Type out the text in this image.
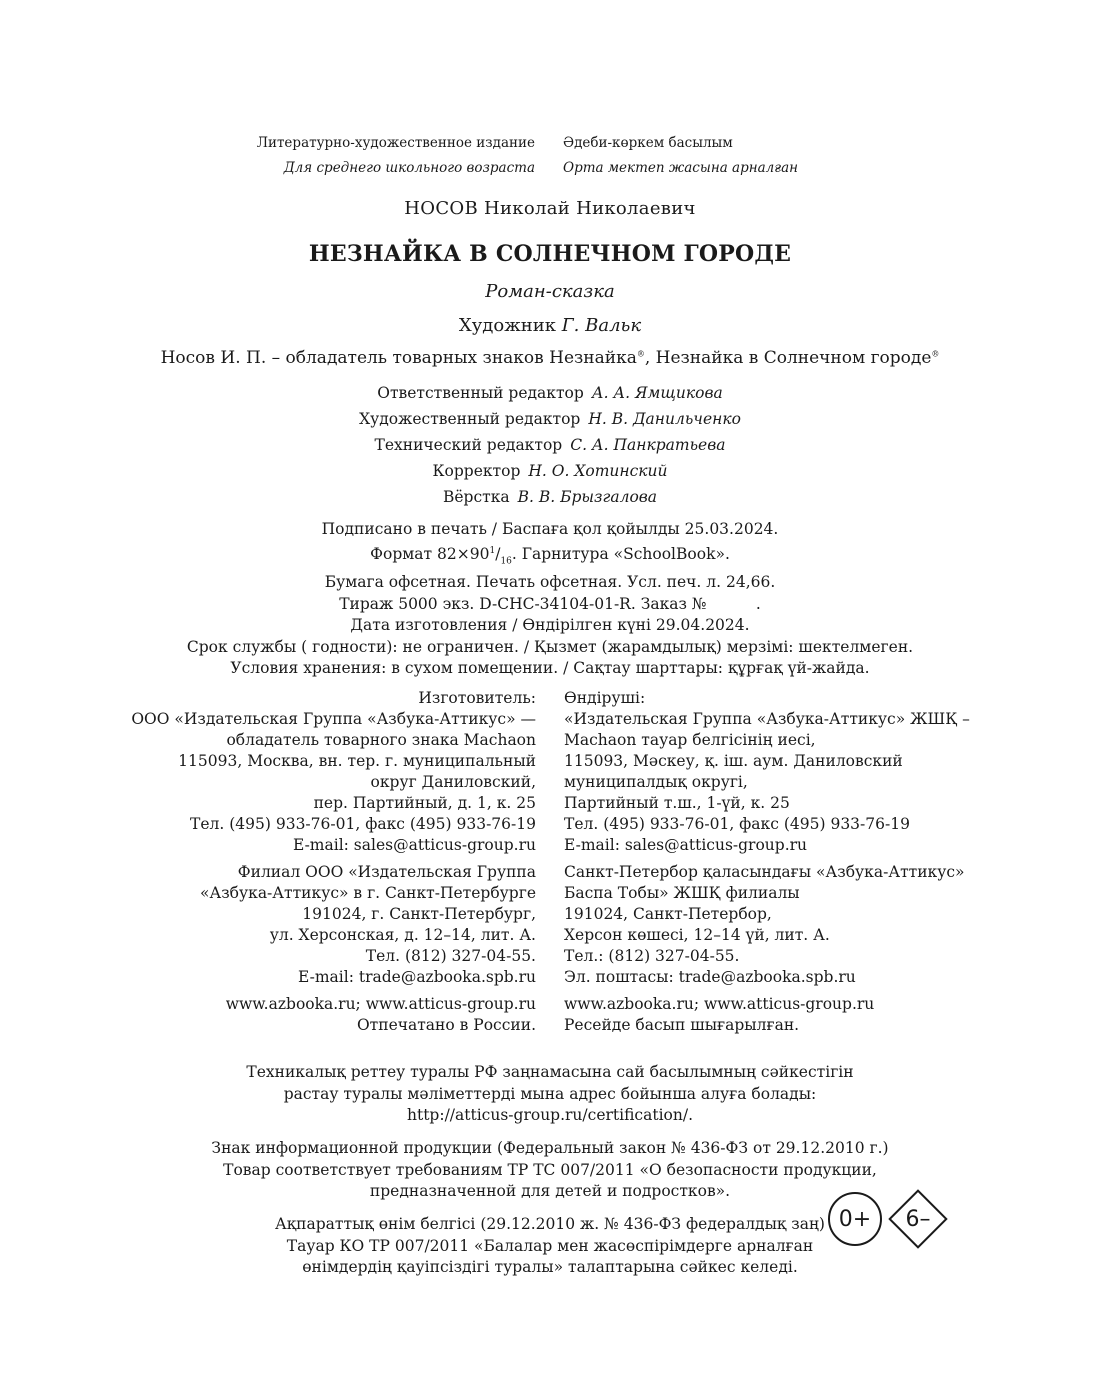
Литературно-художественное издание
Для среднего школьного возраста
Әдеби-көркем басылым
Орта мектеп жасына арналған
НОСОВ Николай Николаевич
НЕЗНАЙКА В СОЛНЕЧНОМ ГОРОДЕ
Роман-сказка
Художник Г. Вальк
Носов И. П. – обладатель товарных знаков Незнайка®, Незнайка в Солнечном городе®
Ответственный редактор А. А. Ямщикова
Художественный редактор Н. В. Данильченко
Технический редактор С. А. Панкратьева
Корректор Н. О. Хотинский
Вёрстка В. В. Брызгалова
Подписано в печать / Баспаға қол қойылды 25.03.2024.
Формат $82\times 90^1/_{16}$. Гарнитура «SchoolBook».
Бумага офсетная. Печать офсетная. Усл. печ. л. 24,66.
Тираж 5000 экз. D-CHC-34104-01-R. Заказ №          .
Дата изготовления / Өндірілген күні 29.04.2024.
Срок службы ( годности): не ограничен. / Қызмет (жарамдылық) мерзімі: шектелмеген.
Условия хранения: в сухом помещении. / Сақтау шарттары: құрғақ үй-жайда.
Изготовитель:
ООО «Издательская Группа «Азбука-Аттикус» —
обладатель товарного знака Machaon
115093, Москва, вн. тер. г. муниципальный
округ Даниловский,
пер. Партийный, д. 1, к. 25
Тел. (495) 933-76-01, факс (495) 933-76-19
E-mail: sales@atticus-group.ru
Филиал ООО «Издательская Группа
«Азбука-Аттикус» в г. Санкт-Петербурге
191024, г. Санкт-Петербург,
ул. Херсонская, д. 12–14, лит. А.
Тел. (812) 327-04-55.
E-mail: trade@azbooka.spb.ru
www.azbooka.ru; www.atticus-group.ru
Отпечатано в России.
Өндіруші:
«Издательская Группа «Азбука-Аттикус» ЖШҚ –
Machaon тауар белгісінің иесі,
115093, Мәскеу, қ. іш. аум. Даниловский
муниципалдық округі,
Партийный т.ш., 1-үй, к. 25
Тел. (495) 933-76-01, факс (495) 933-76-19
E-mail: sales@atticus-group.ru
Санкт-Петербор қаласындағы «Азбука-Аттикус»
Баспа Тобы» ЖШҚ филиалы
191024, Санкт-Петербор,
Херсон көшесі, 12–14 үй, лит. А.
Тел.: (812) 327-04-55.
Эл. поштасы: trade@azbooka.spb.ru
www.azbooka.ru; www.atticus-group.ru
Ресейде басып шығарылған.
Техникалық реттеу туралы РФ заңнамасына сай басылымның сәйкестігін
растау туралы мәліметтерді мына адрес бойынша алуға болады:
http://atticus-group.ru/certification/.
Знак информационной продукции (Федеральный закон № 436-ФЗ от 29.12.2010 г.)
Товар соответствует требованиям ТР ТС 007/2011 «О безопасности продукции,
предназначенной для детей и подростков».
Ақпараттық өнім белгісі (29.12.2010 ж. № 436-ФЗ федералдық заң)
Тауар КО ТР 007/2011 «Балалар мен жасөспірімдерге арналған
өнімдердің қауіпсіздігі туралы» талаптарына сәйкес келеді.
0+	6–
